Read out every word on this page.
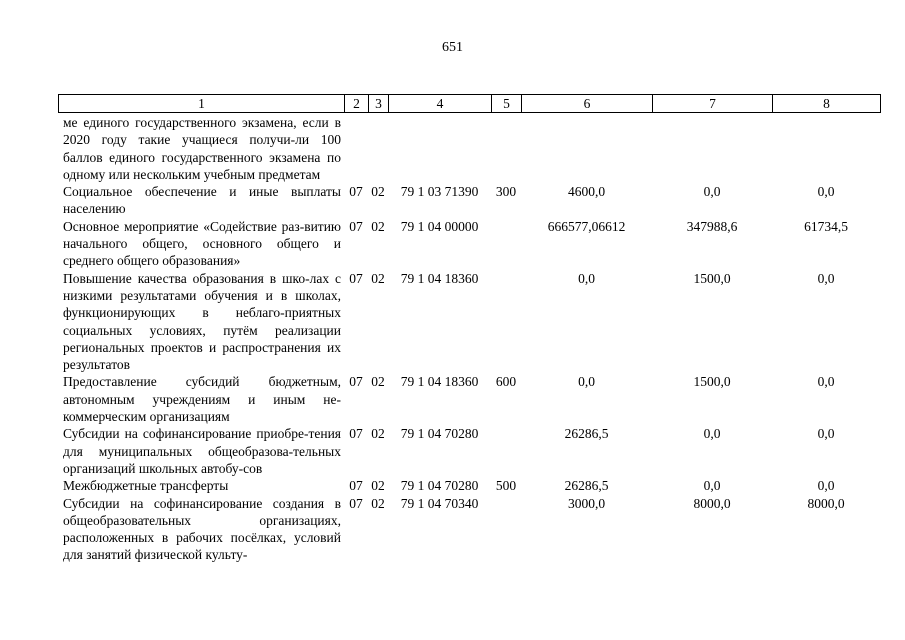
651
1	2	3	4	5	6	7	8
ме единого государственного экзамена, если в 2020 году такие учащиеся получи-ли 100 баллов единого государственного экзамена по одному или нескольким учебным предметам							
Социальное обеспечение и иные выплаты населению	07	02	79 1 03 71390	300	4600,0	0,0	0,0
Основное мероприятие «Содействие раз-витию начального общего, основного общего и среднего общего образования»	07	02	79 1 04 00000		666577,06612	347988,6	61734,5
Повышение качества образования в шко-лах с низкими результатами обучения и в школах, функционирующих в неблаго-приятных социальных условиях, путём реализации региональных проектов и распространения их результатов	07	02	79 1 04 18360		0,0	1500,0	0,0
Предоставление субсидий бюджетным, автономным учреждениям и иным не-коммерческим организациям	07	02	79 1 04 18360	600	0,0	1500,0	0,0
Субсидии на софинансирование приобре-тения для муниципальных общеобразова-тельных организаций школьных автобу-сов	07	02	79 1 04 70280		26286,5	0,0	0,0
Межбюджетные трансферты	07	02	79 1 04 70280	500	26286,5	0,0	0,0
Субсидии на софинансирование создания в общеобразовательных организациях, расположенных в рабочих посёлках, условий для занятий физической культу-	07	02	79 1 04 70340		3000,0	8000,0	8000,0
